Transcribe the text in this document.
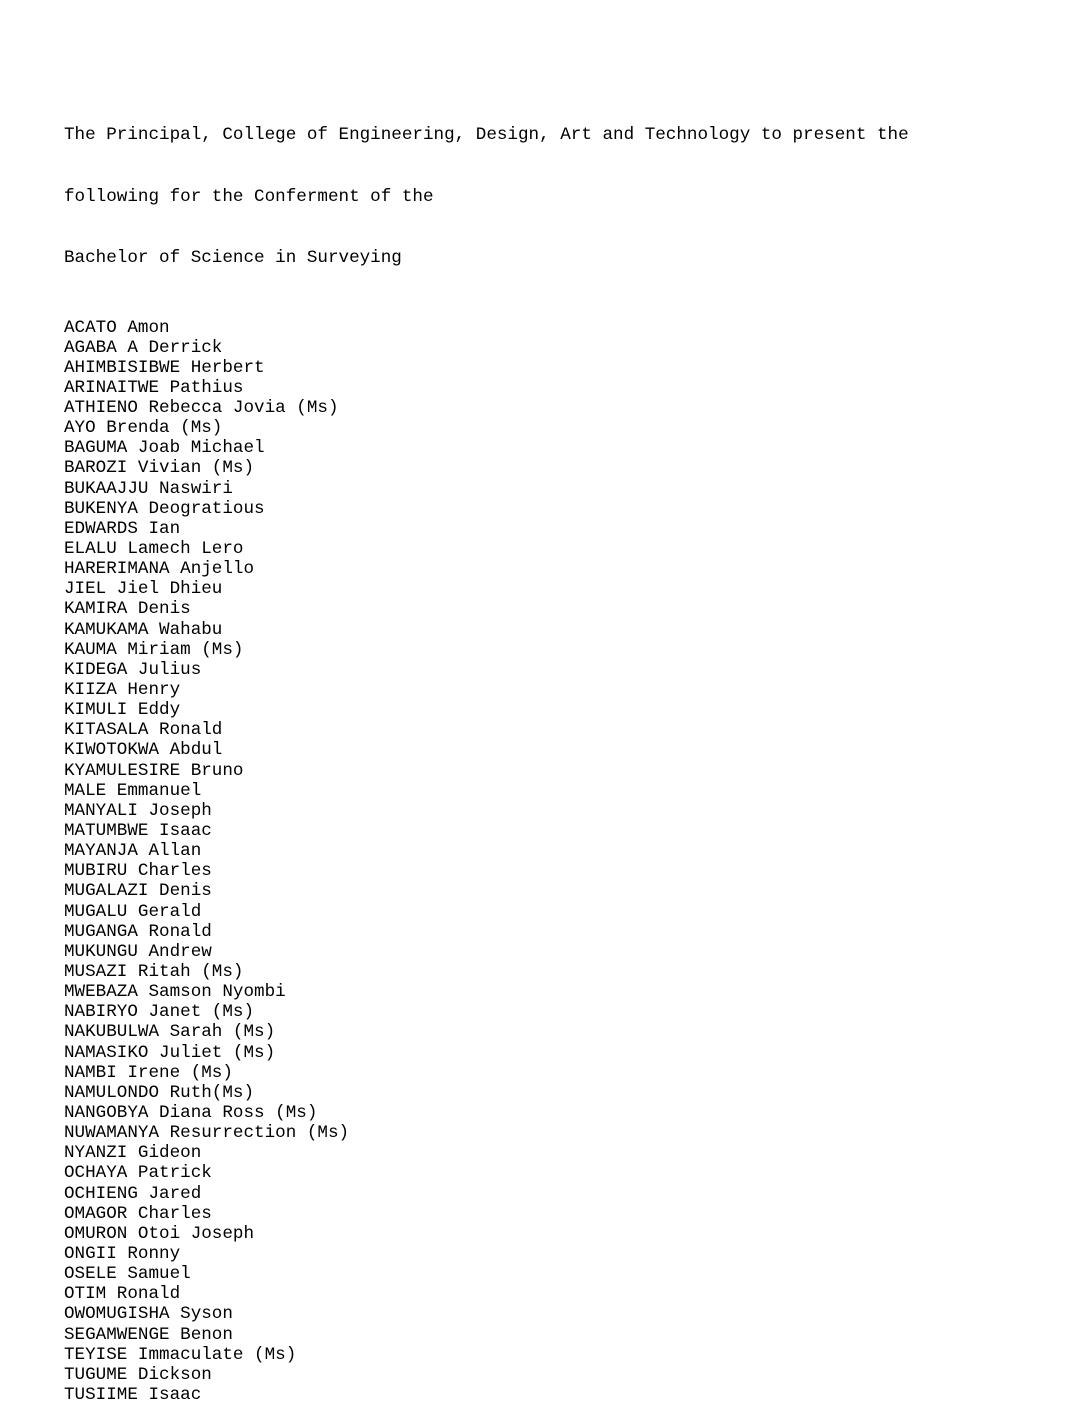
The Principal, College of Engineering, Design, Art and Technology to present the

following for the Conferment of the

Bachelor of Science in Surveying

ACATO Amon
AGABA A Derrick
AHIMBISIBWE Herbert
ARINAITWE Pathius
ATHIENO Rebecca Jovia (Ms)
AYO Brenda (Ms)
BAGUMA Joab Michael
BAROZI Vivian (Ms)
BUKAAJJU Naswiri
BUKENYA Deogratious
EDWARDS Ian
ELALU Lamech Lero
HARERIMANA Anjello
JIEL Jiel Dhieu
KAMIRA Denis
KAMUKAMA Wahabu
KAUMA Miriam (Ms)
KIDEGA Julius
KIIZA Henry
KIMULI Eddy
KITASALA Ronald
KIWOTOKWA Abdul
KYAMULESIRE Bruno
MALE Emmanuel
MANYALI Joseph
MATUMBWE Isaac
MAYANJA Allan
MUBIRU Charles
MUGALAZI Denis
MUGALU Gerald
MUGANGA Ronald
MUKUNGU Andrew
MUSAZI Ritah (Ms)
MWEBAZA Samson Nyombi
NABIRYO Janet (Ms)
NAKUBULWA Sarah (Ms)
NAMASIKO Juliet (Ms)
NAMBI Irene (Ms)
NAMULONDO Ruth(Ms)
NANGOBYA Diana Ross (Ms)
NUWAMANYA Resurrection (Ms)
NYANZI Gideon
OCHAYA Patrick
OCHIENG Jared
OMAGOR Charles
OMURON Otoi Joseph
ONGII Ronny
OSELE Samuel
OTIM Ronald
OWOMUGISHA Syson
SEGAMWENGE Benon
TEYISE Immaculate (Ms)
TUGUME Dickson
TUSIIME Isaac
